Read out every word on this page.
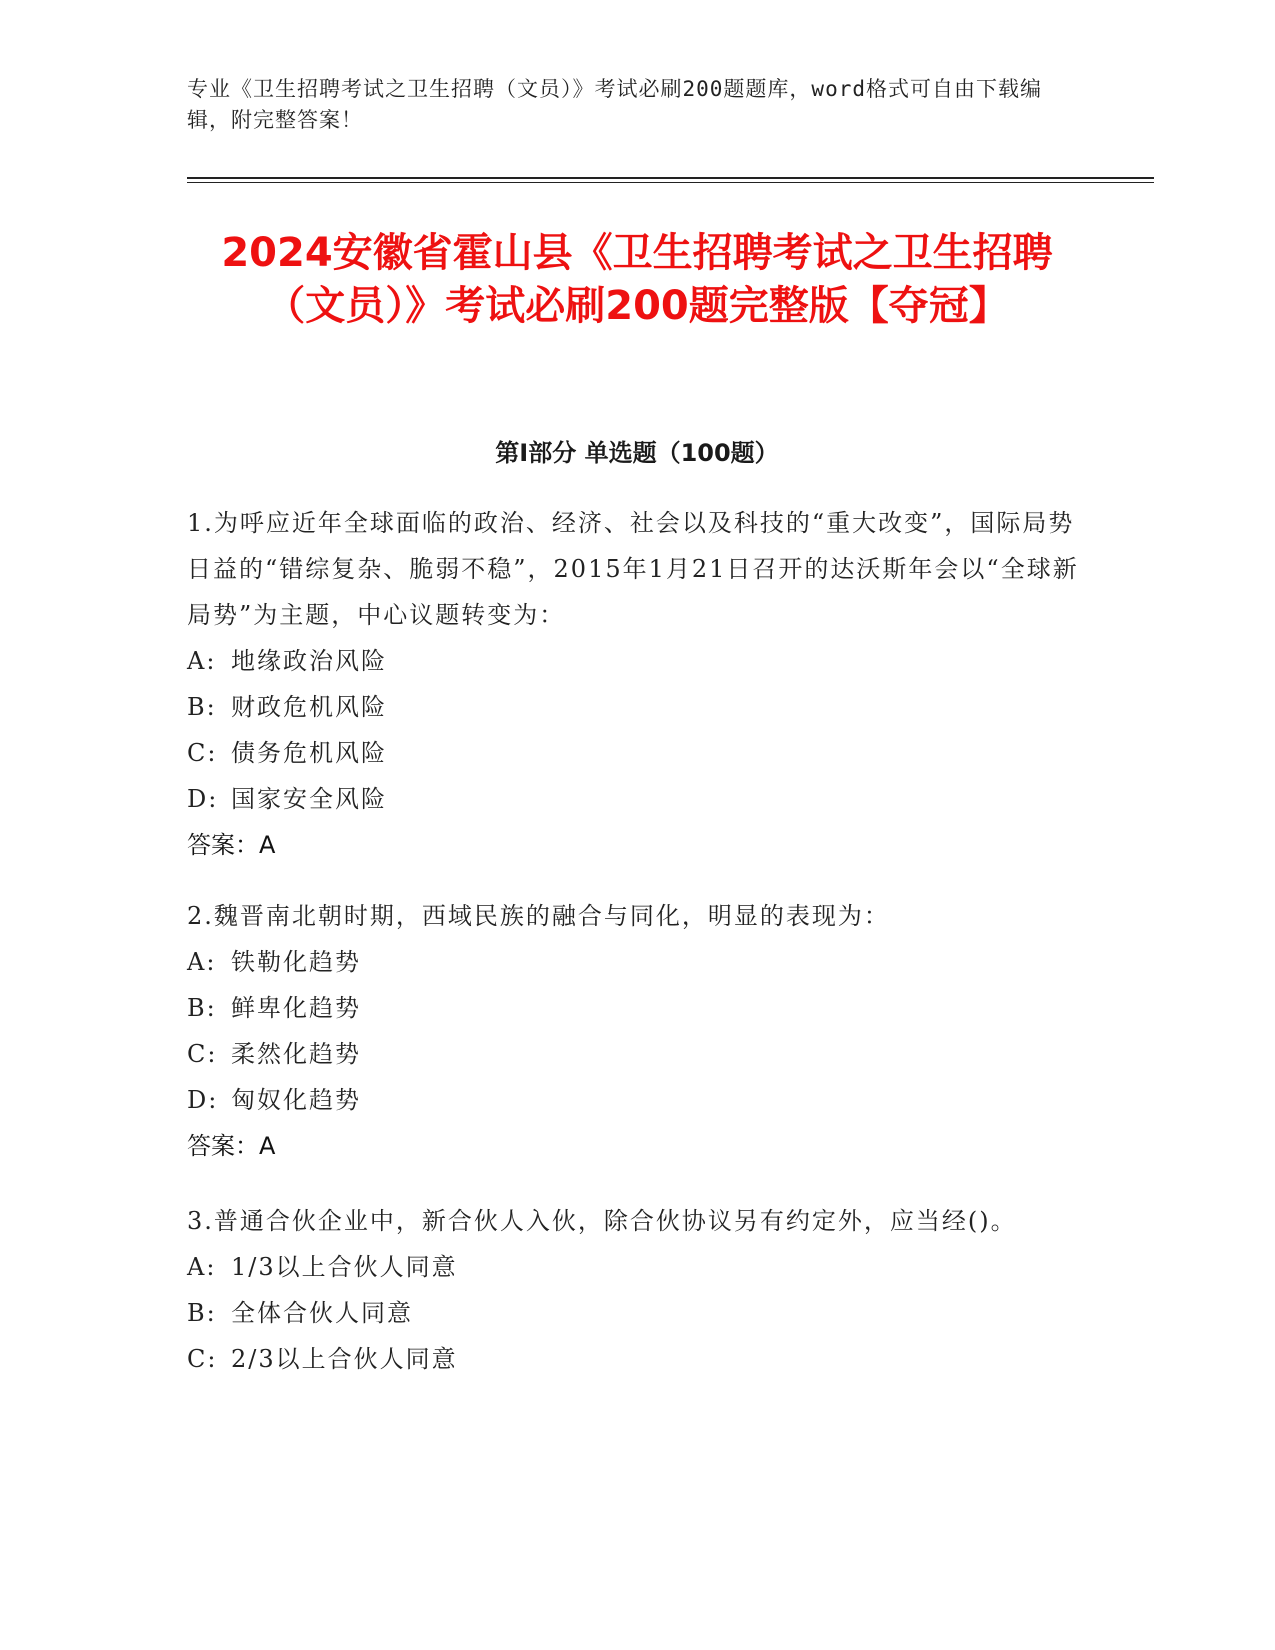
专业《卫生招聘考试之卫生招聘（文员）》考试必刷200题题库，word格式可自由下载编辑，附完整答案！
2024安徽省霍山县《卫生招聘考试之卫生招聘（文员）》考试必刷200题完整版【夺冠】
第I部分 单选题（100题）
1.为呼应近年全球面临的政治、经济、社会以及科技的“重大改变”，国际局势日益的“错综复杂、脆弱不稳”，2015年1月21日召开的达沃斯年会以“全球新局势”为主题，中心议题转变为：
A: 地缘政治风险
B: 财政危机风险
C: 债务危机风险
D: 国家安全风险
答案：A
2.魏晋南北朝时期，西域民族的融合与同化，明显的表现为：
A: 铁勒化趋势
B: 鲜卑化趋势
C: 柔然化趋势
D: 匈奴化趋势
答案：A
3.普通合伙企业中，新合伙人入伙，除合伙协议另有约定外，应当经()。
A: 1/3以上合伙人同意
B: 全体合伙人同意
C: 2/3以上合伙人同意
